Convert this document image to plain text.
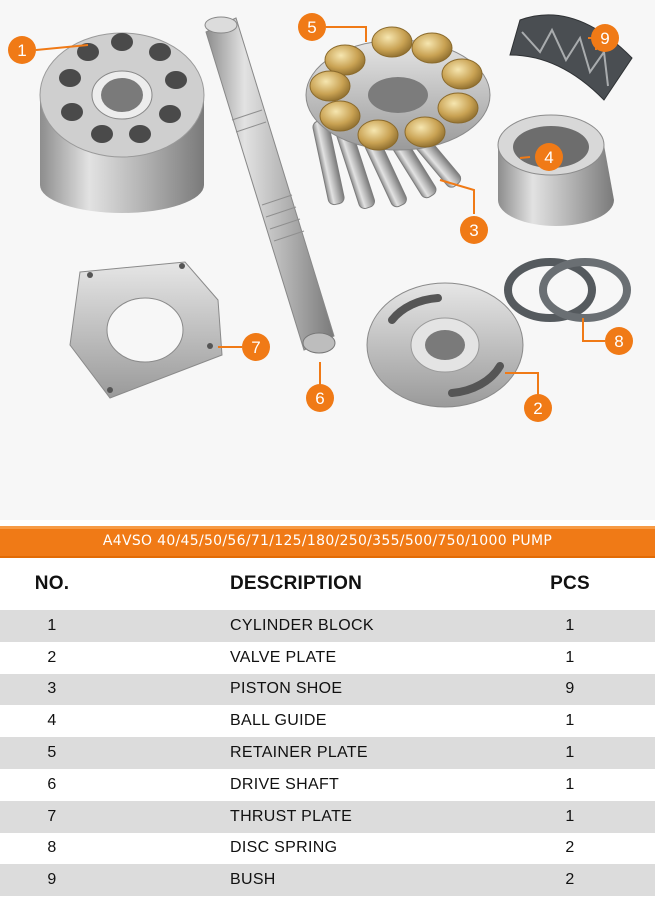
1
5
9
4
3
7
6
2
8
A4VSO 40/45/50/56/71/125/180/250/355/500/750/1000 PUMP
NO.	DESCRIPTION	PCS
1	CYLINDER BLOCK	1
2	VALVE PLATE	1
3	PISTON SHOE	9
4	BALL GUIDE	1
5	RETAINER PLATE	1
6	DRIVE SHAFT	1
7	THRUST PLATE	1
8	DISC SPRING	2
9	BUSH	2
